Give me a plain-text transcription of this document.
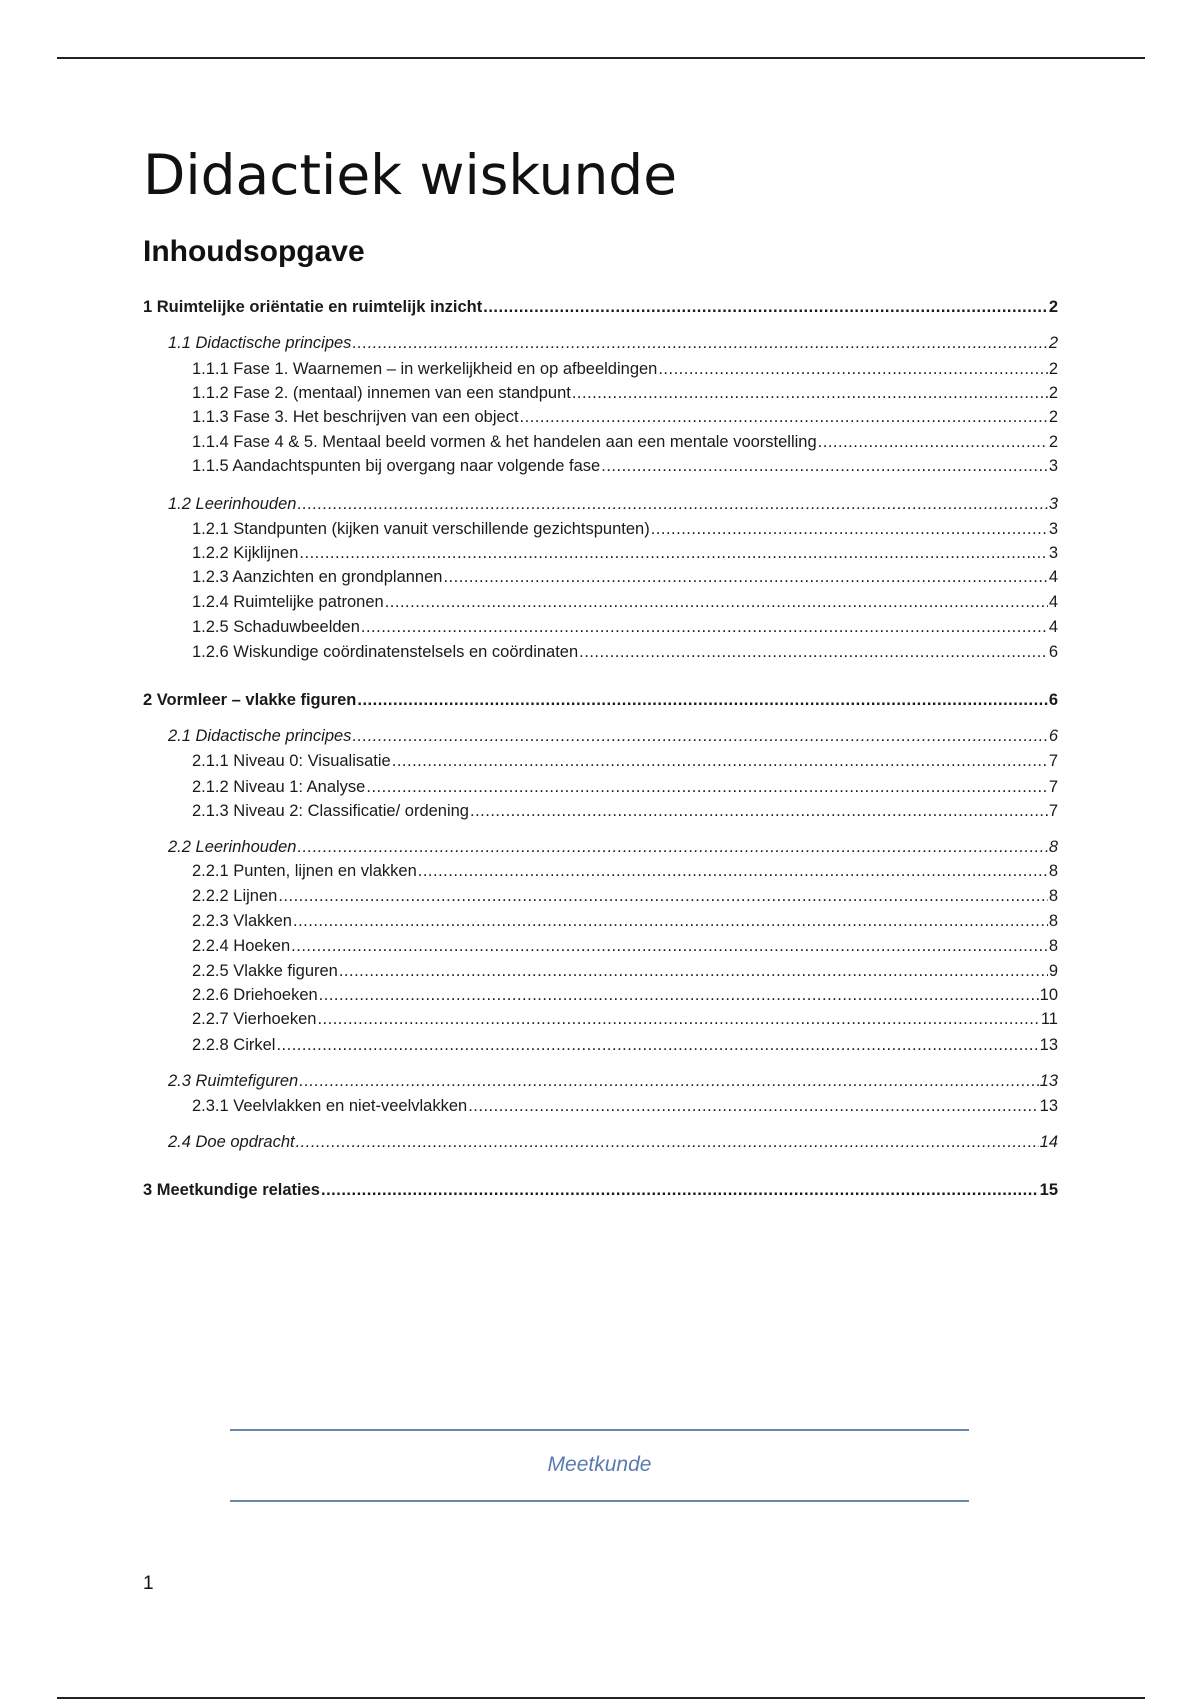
Didactiek wiskunde
Inhoudsopgave
1 Ruimtelijke oriëntatie en ruimtelijk inzicht .....	2
1.1 Didactische principes .....	2
1.1.1 Fase 1. Waarnemen – in werkelijkheid en op afbeeldingen .....	2
1.1.2 Fase 2. (mentaal) innemen van een standpunt .....	2
1.1.3 Fase 3. Het beschrijven van een object .....	2
1.1.4 Fase 4 & 5. Mentaal beeld vormen & het handelen aan een mentale voorstelling .....	2
1.1.5 Aandachtspunten bij overgang naar volgende fase .....	3
1.2 Leerinhouden .....	3
1.2.1 Standpunten (kijken vanuit verschillende gezichtspunten) .....	3
1.2.2 Kijklijnen .....	3
1.2.3 Aanzichten en grondplannen .....	4
1.2.4 Ruimtelijke patronen .....	4
1.2.5 Schaduwbeelden .....	4
1.2.6 Wiskundige coördinatenstelsels en coördinaten .....	6
2 Vormleer – vlakke figuren .....	6
2.1 Didactische principes .....	6
2.1.1 Niveau 0: Visualisatie .....	7
2.1.2 Niveau 1: Analyse .....	7
2.1.3 Niveau 2: Classificatie/ ordening .....	7
2.2 Leerinhouden .....	8
2.2.1 Punten, lijnen en vlakken .....	8
2.2.2 Lijnen .....	8
2.2.3 Vlakken .....	8
2.2.4 Hoeken .....	8
2.2.5 Vlakke figuren .....	9
2.2.6 Driehoeken .....	10
2.2.7 Vierhoeken .....	11
2.2.8 Cirkel .....	13
2.3 Ruimtefiguren .....	13
2.3.1 Veelvlakken en niet-veelvlakken .....	13
2.4 Doe opdracht .....	14
3 Meetkundige relaties .....	15
Meetkunde
1
